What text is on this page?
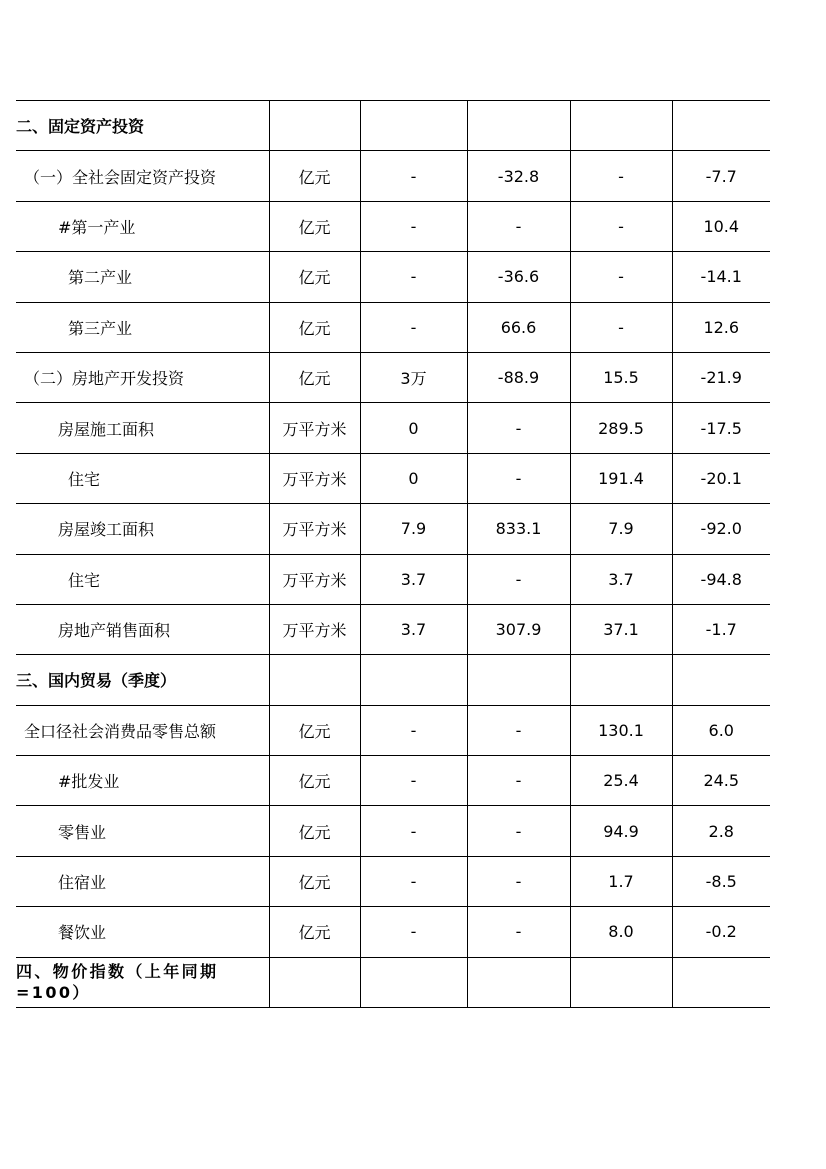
二、固定资产投资					
（一）全社会固定资产投资	亿元	-	-32.8	-	-7.7
#第一产业	亿元	-	-	-	10.4
第二产业	亿元	-	-36.6	-	-14.1
第三产业	亿元	-	66.6	-	12.6
（二）房地产开发投资	亿元	3万	-88.9	15.5	-21.9
房屋施工面积	万平方米	0	-	289.5	-17.5
住宅	万平方米	0	-	191.4	-20.1
房屋竣工面积	万平方米	7.9	833.1	7.9	-92.0
住宅	万平方米	3.7	-	3.7	-94.8
房地产销售面积	万平方米	3.7	307.9	37.1	-1.7
三、国内贸易（季度）					
全口径社会消费品零售总额	亿元	-	-	130.1	6.0
#批发业	亿元	-	-	25.4	24.5
零售业	亿元	-	-	94.9	2.8
住宿业	亿元	-	-	1.7	-8.5
餐饮业	亿元	-	-	8.0	-0.2
四、物价指数（上年同期=100）					
